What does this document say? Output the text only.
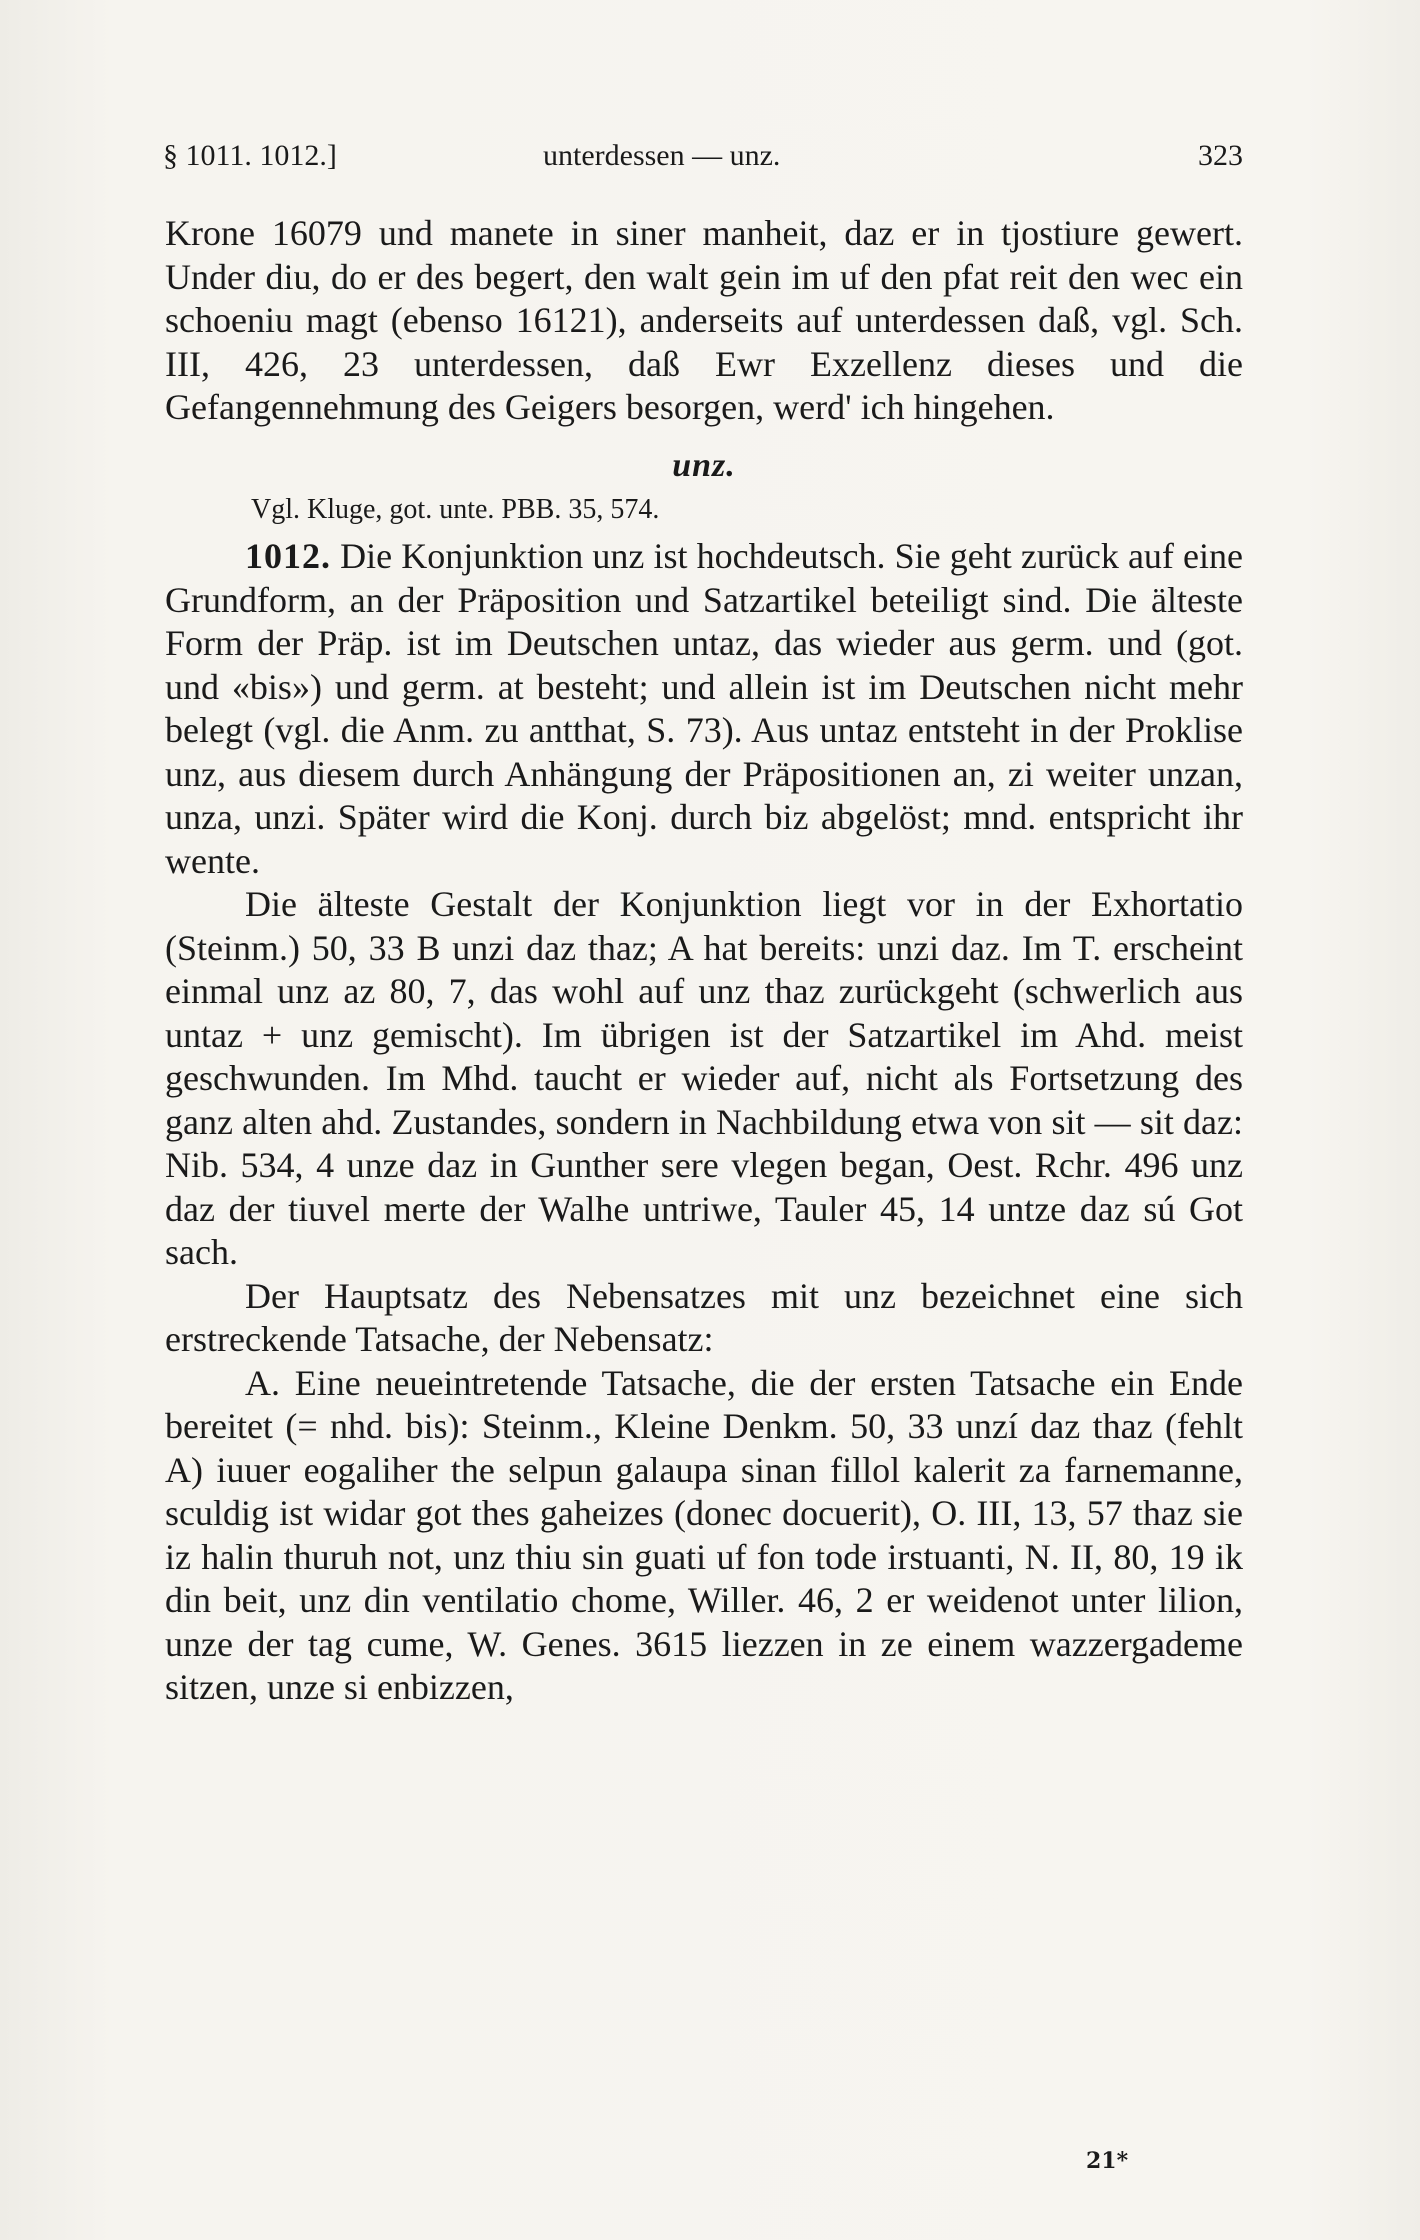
§ 1011. 1012.]	unterdessen — unz.	323

Krone 16079 und manete in siner manheit, daz er in tjostiure gewert. Under diu, do er des begert, den walt gein im uf den pfat reit den wec ein schoeniu magt (ebenso 16121), anderseits auf unterdessen daß, vgl. Sch. III, 426, 23 unterdessen, daß Ewr Exzellenz dieses und die Gefangennehmung des Geigers besorgen, werd' ich hingehen.

unz.
Vgl. Kluge, got. unte. PBB. 35, 574.

1012. Die Konjunktion unz ist hochdeutsch. Sie geht zurück auf eine Grundform, an der Präposition und Satzartikel beteiligt sind. Die älteste Form der Präp. ist im Deutschen untaz, das wieder aus germ. und (got. und «bis») und germ. at besteht; und allein ist im Deutschen nicht mehr belegt (vgl. die Anm. zu antthat, S. 73). Aus untaz entsteht in der Proklise unz, aus diesem durch Anhängung der Präpositionen an, zi weiter unzan, unza, unzi. Später wird die Konj. durch biz abgelöst; mnd. entspricht ihr wente.

Die älteste Gestalt der Konjunktion liegt vor in der Exhortatio (Steinm.) 50, 33 B unzi daz thaz; A hat bereits: unzi daz. Im T. erscheint einmal unz az 80, 7, das wohl auf unz thaz zurückgeht (schwerlich aus untaz + unz gemischt). Im übrigen ist der Satzartikel im Ahd. meist geschwunden. Im Mhd. taucht er wieder auf, nicht als Fortsetzung des ganz alten ahd. Zustandes, sondern in Nachbildung etwa von sit — sit daz: Nib. 534, 4 unze daz in Gunther sere vlegen began, Oest. Rchr. 496 unz daz der tiuvel merte der Walhe untriwe, Tauler 45, 14 untze daz sú Got sach.

Der Hauptsatz des Nebensatzes mit unz bezeichnet eine sich erstreckende Tatsache, der Nebensatz:

A. Eine neueintretende Tatsache, die der ersten Tatsache ein Ende bereitet (= nhd. bis): Steinm., Kleine Denkm. 50, 33 unzí daz thaz (fehlt A) iuuer eogaliher the selpun galaupa sinan fillol kalerit za farnemanne, sculdig ist widar got thes gaheizes (donec docuerit), O. III, 13, 57 thaz sie iz halin thuruh not, unz thiu sin guati uf fon tode irstuanti, N. II, 80, 19 ik din beit, unz din ventilatio chome, Willer. 46, 2 er weidenot unter lilion, unze der tag cume, W. Genes. 3615 liezzen in ze einem wazzergademe sitzen, unze si enbizzen,

21*
